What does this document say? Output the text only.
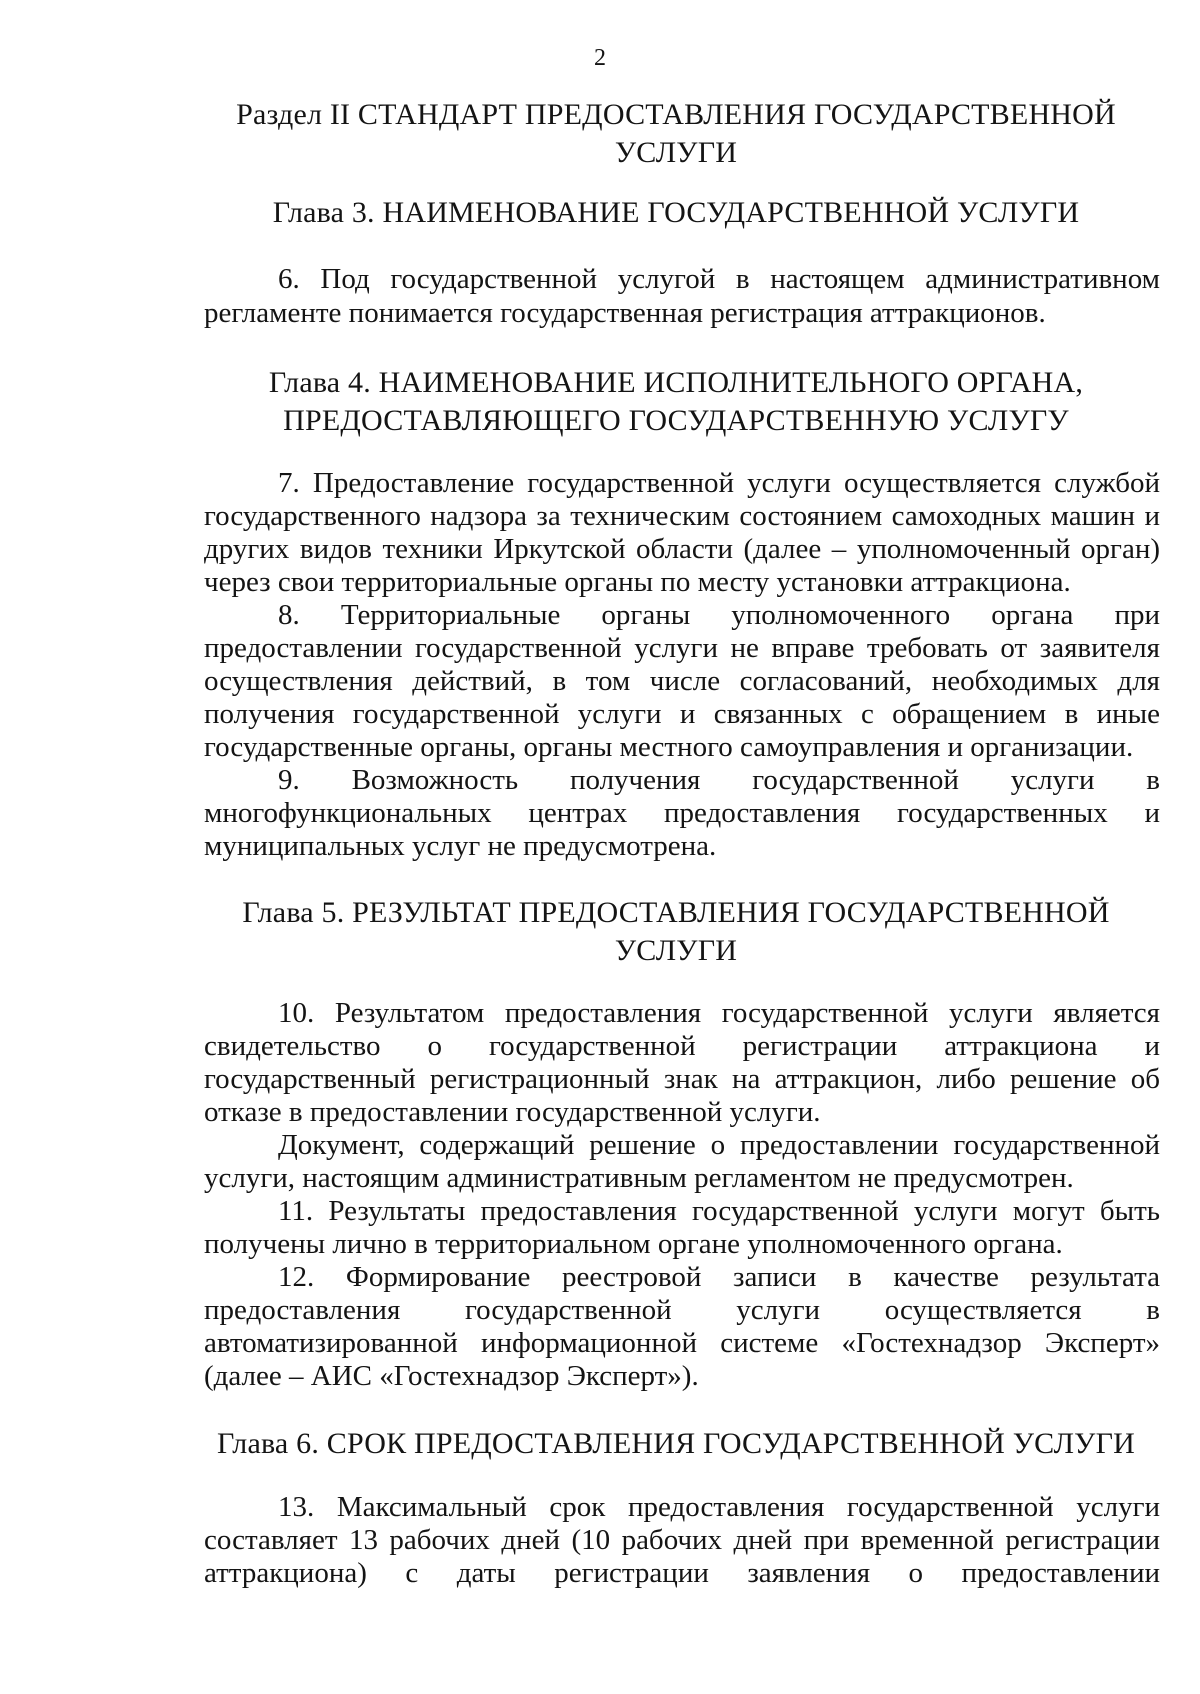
2
Раздел II СТАНДАРТ ПРЕДОСТАВЛЕНИЯ ГОСУДАРСТВЕННОЙ
УСЛУГИ
Глава 3. НАИМЕНОВАНИЕ ГОСУДАРСТВЕННОЙ УСЛУГИ
6. Под государственной услугой в настоящем административном
регламенте понимается государственная регистрация аттракционов.
Глава 4. НАИМЕНОВАНИЕ ИСПОЛНИТЕЛЬНОГО ОРГАНА,
ПРЕДОСТАВЛЯЮЩЕГО ГОСУДАРСТВЕННУЮ УСЛУГУ
7. Предоставление государственной услуги осуществляется службой
государственного надзора за техническим состоянием самоходных машин и
других видов техники Иркутской области (далее – уполномоченный орган)
через свои территориальные органы по месту установки аттракциона.
8. Территориальные органы уполномоченного органа при
предоставлении государственной услуги не вправе требовать от заявителя
осуществления действий, в том числе согласований, необходимых для
получения государственной услуги и связанных с обращением в иные
государственные органы, органы местного самоуправления и организации.
9. Возможность получения государственной услуги в
многофункциональных центрах предоставления государственных и
муниципальных услуг не предусмотрена.
Глава 5. РЕЗУЛЬТАТ ПРЕДОСТАВЛЕНИЯ ГОСУДАРСТВЕННОЙ
УСЛУГИ
10. Результатом предоставления государственной услуги является
свидетельство о государственной регистрации аттракциона и
государственный регистрационный знак на аттракцион, либо решение об
отказе в предоставлении государственной услуги.
Документ, содержащий решение о предоставлении государственной
услуги, настоящим административным регламентом не предусмотрен.
11. Результаты предоставления государственной услуги могут быть
получены лично в территориальном органе уполномоченного органа.
12. Формирование реестровой записи в качестве результата
предоставления государственной услуги осуществляется в
автоматизированной информационной системе «Гостехнадзор Эксперт»
(далее – АИС «Гостехнадзор Эксперт»).
Глава 6. СРОК ПРЕДОСТАВЛЕНИЯ ГОСУДАРСТВЕННОЙ УСЛУГИ
13. Максимальный срок предоставления государственной услуги
составляет 13 рабочих дней (10 рабочих дней при временной регистрации
аттракциона) с даты регистрации заявления о предоставлении
